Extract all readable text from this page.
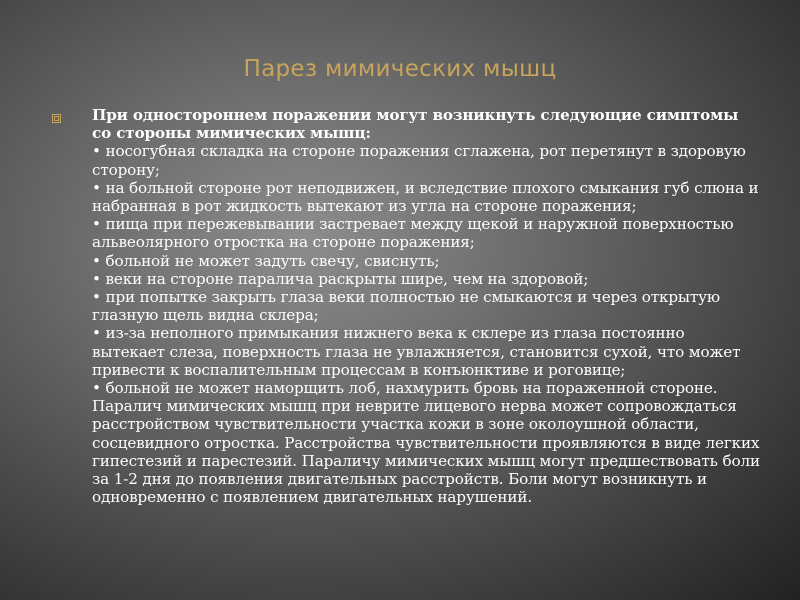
Парез мимических мышц

При одностороннем поражении могут возникнуть следующие симптомы со стороны мимических мышц:

• носогубная складка на стороне поражения сглажена, рот перетянут в здоровую сторону;

• на больной стороне рот неподвижен, и вследствие плохого смыкания губ слюна и набранная в рот жидкость вытекают из угла на стороне поражения;

• пища при пережевывании застревает между щекой и наружной поверхностью альвеолярного отростка на стороне поражения;

• больной не может задуть свечу, свиснуть;

• веки на стороне паралича раскрыты шире, чем на здоровой;

• при попытке закрыть глаза веки полностью не смыкаются и через открытую глазную щель видна склера;

• из-за неполного примыкания нижнего века к склере из глаза постоянно вытекает слеза, поверхность глаза не увлажняется, становится сухой, что может привести к воспалительным процессам в конъюнктиве и роговице;

• больной не может наморщить лоб, нахмурить бровь на пораженной стороне.

Паралич мимических мышц при неврите лицевого нерва может сопровождаться расстройством чувствительности участка кожи в зоне околоушной области, сосцевидного отростка. Расстройства чувствительности проявляются в виде легких гипестезий и парестезий. Параличу мимических мышц могут предшествовать боли за 1-2 дня до появления двигательных расстройств. Боли могут возникнуть и одновременно с появлением двигательных нарушений.
